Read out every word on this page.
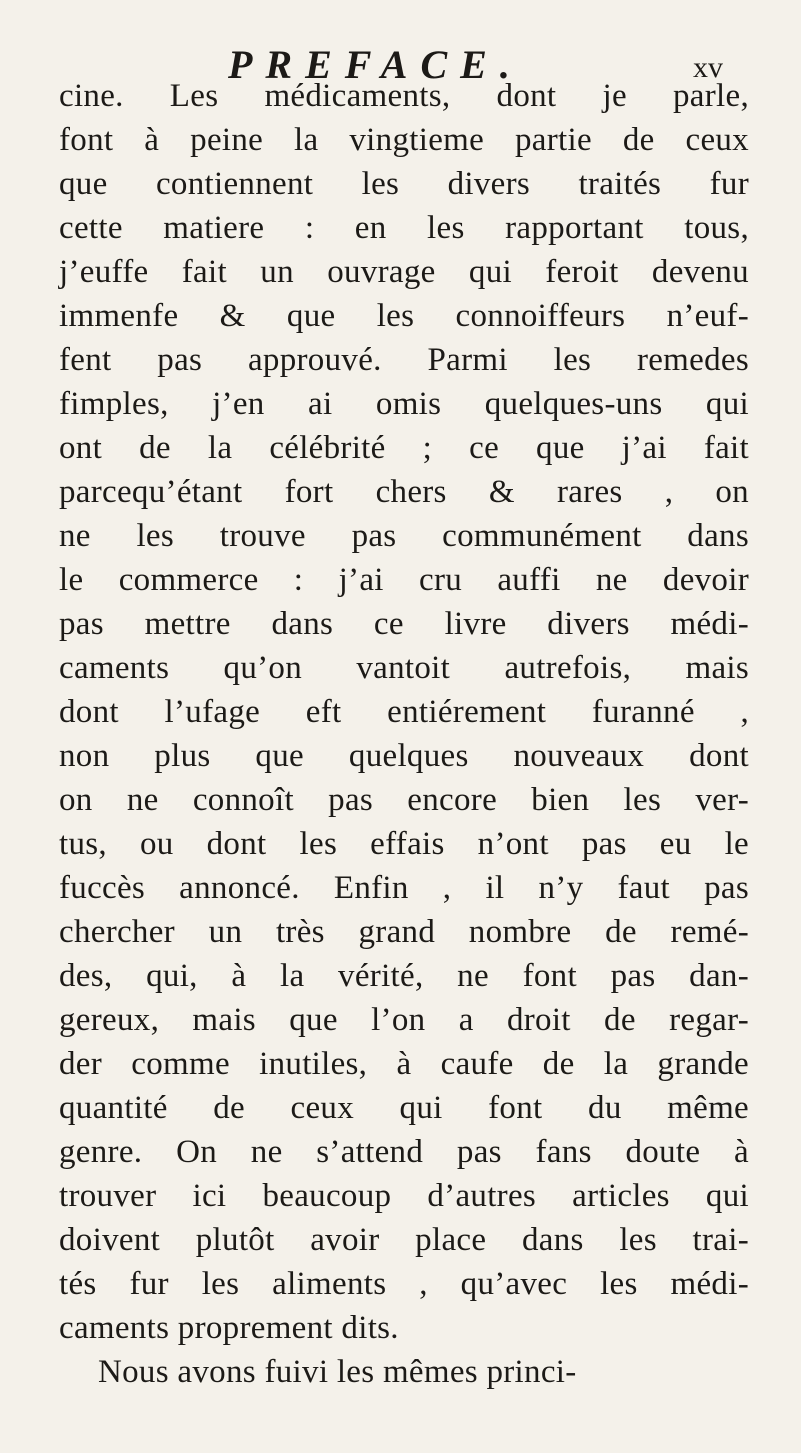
PREFACE.	xv
cine. Les médicaments, dont je parle,
font à peine la vingtieme partie de ceux
que contiennent les divers traités fur
cette matiere : en les rapportant tous,
j’euffe fait un ouvrage qui feroit devenu
immenfe & que les connoiffeurs n’euf-
fent pas approuvé. Parmi les remedes
fimples, j’en ai omis quelques-uns qui
ont de la célébrité ; ce que j’ai fait
parcequ’étant fort chers & rares , on
ne les trouve pas communément dans
le commerce : j’ai cru auffi ne devoir
pas mettre dans ce livre divers médi-
caments qu’on vantoit autrefois, mais
dont l’ufage eft entiérement furanné ,
non plus que quelques nouveaux dont
on ne connoît pas encore bien les ver-
tus, ou dont les effais n’ont pas eu le
fuccès annoncé. Enfin , il n’y faut pas
chercher un très grand nombre de remé-
des, qui, à la vérité, ne font pas dan-
gereux, mais que l’on a droit de regar-
der comme inutiles, à caufe de la grande
quantité de ceux qui font du même
genre. On ne s’attend pas fans doute à
trouver ici beaucoup d’autres articles qui
doivent plutôt avoir place dans les trai-
tés fur les aliments , qu’avec les médi-
caments proprement dits.
Nous avons fuivi les mêmes princi-
